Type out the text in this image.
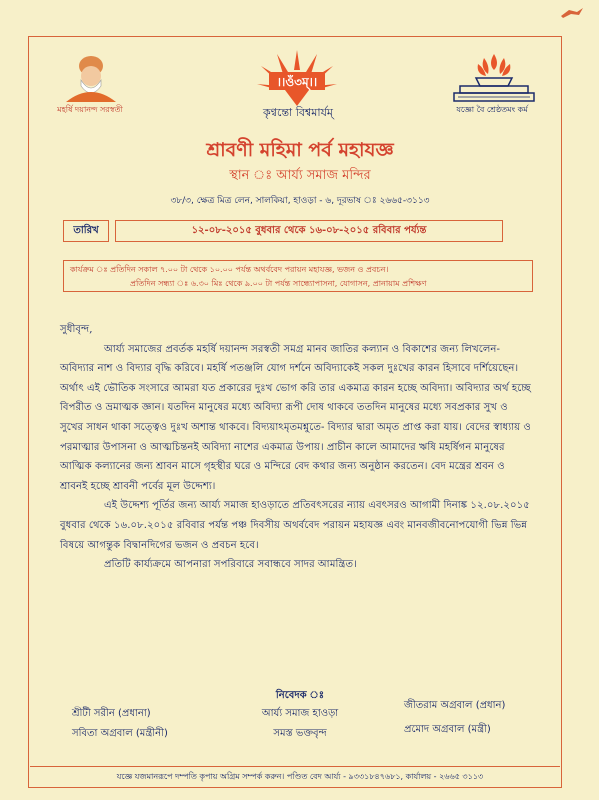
মহর্ষি দয়ানন্দ সরস্বতী
।।ওঁ৩ম্।।
কৃণ্বন্তো বিশ্বমার্যম্	যজ্ঞো বৈ শ্রেষ্ঠতমং কর্ম
শ্রাবণী মহিমা পর্ব মহাযজ্ঞ
স্থান ঃ আর্য্য সমাজ মন্দির
৩৮/৩, ক্ষেত্র মিত্র লেন, সালকিয়া, হাওড়া - ৬, দূরভাষ ঃ ২৬৬৫-৩১১৩
তারিখ	১২-০৮-২০১৫ বুধবার থেকে ১৬-০৮-২০১৫ রবিবার পর্য্যন্ত
কার্যক্রম ঃ প্রতিদিন সকাল ৭.০০ টা থেকে ১০.০০ পর্যন্ত অথর্ববেদ পরায়ন মহাযজ্ঞ, ভজন ও প্রবচন।
প্রতিদিন সন্ধ্যা ঃ ৬.৩০ মিঃ থেকে ৯.০০ টা পর্যন্ত সান্ধ্যোপাসনা, যোগাসন, প্রানায়াম প্রশিক্ষণ

সুধীবৃন্দ,

আর্য্য সমাজের প্রবর্তক মহর্ষি দয়ানন্দ সরস্বতী সমগ্র মানব জাতির কল্যান ও বিকাশের জন্য লিখলেন- অবিদ্যার নাশ ও বিদ্যার বৃদ্ধি করিবে। মহর্ষি পতঞ্জলি যোগ দর্শনে অবিদ্যাকেই সকল দুঃখের কারন হিসাবে দর্শিয়েছেন। অর্থাৎ এই ভৌতিক সংসারে আমরা যত প্রকারের দুঃখ ভোগ করি তার একমাত্র কারন হচ্ছে অবিদ্যা। অবিদ্যার অর্থ হচ্ছে বিপরীত ও ভ্রমাত্মক জ্ঞান। যতদিন মানুষের মধ্যে অবিদ্যা রূপী দোষ থাকবে ততদিন মানুষের মধ্যে সবপ্রকার সুখ ও সুখের সাধন থাকা সত্ত্বেও দুঃখ অশান্ত থাকবে। বিদ্যয়াঽমৃতমশ্নুতে- বিদ্যার দ্বারা অমৃত প্রাপ্ত করা যায়। বেদের স্বাধ্যায় ও পরমাত্মার উপাসনা ও আত্মচিন্তনই অবিদ্যা নাশের একমাত্র উপায়। প্রাচীন কালে আমাদের ঋষি মহর্ষিগন মানুষের আত্মিক কল্যানের জন্য শ্রাবন মাসে গৃহস্থীর ঘরে ও মন্দিরে বেদ কথার জন্য অনুষ্ঠান করতেন। বেদ মন্ত্রের শ্রবন ও শ্রাবনই হচ্ছে শ্রাবনী পর্বের মূল উদ্দেশ্য।

এই উদ্দেশ্য পূর্তির জন্য আর্য্য সমাজ হাওড়াতে প্রতিবৎসরের ন্যায় এবৎসরও আগামী দিনাঙ্ক ১২.০৮.২০১৫ বুধবার থেকে ১৬.০৮.২০১৫ রবিবার পর্যন্ত পঞ্চ দিবসীয় অথর্ববেদ পরায়ন মহাযজ্ঞ এবং মানবজীবনোপযোগী ভিন্ন ভিন্ন বিষয়ে আগন্তুক বিদ্বানদিগের ভজন ও প্রবচন হবে।

প্রতিটি কার্য্যক্রমে আপনারা সপরিবারে সবান্ধবে সাদর আমন্ত্রিত।

নিবেদক ঃ
শ্রীটী সরীন (প্রধানা)
সবিতা অগ্রবাল (মন্ত্রীনী)
আর্য্য সমাজ হাওড়া
সমস্ত ভক্তবৃন্দ
জীতরাম অগ্রবাল (প্রধান)
প্রমোদ অগ্রবাল (মন্ত্রী)
যজ্ঞে যজমানরূপে দম্পতি কৃপায় অগ্রিম সম্পর্ক করুন। পণ্ডিত বেদ আর্য্য - ৯৩৩১৮৪৭৬৮১, কার্যালয় - ২৬৬৫ ৩১১৩
